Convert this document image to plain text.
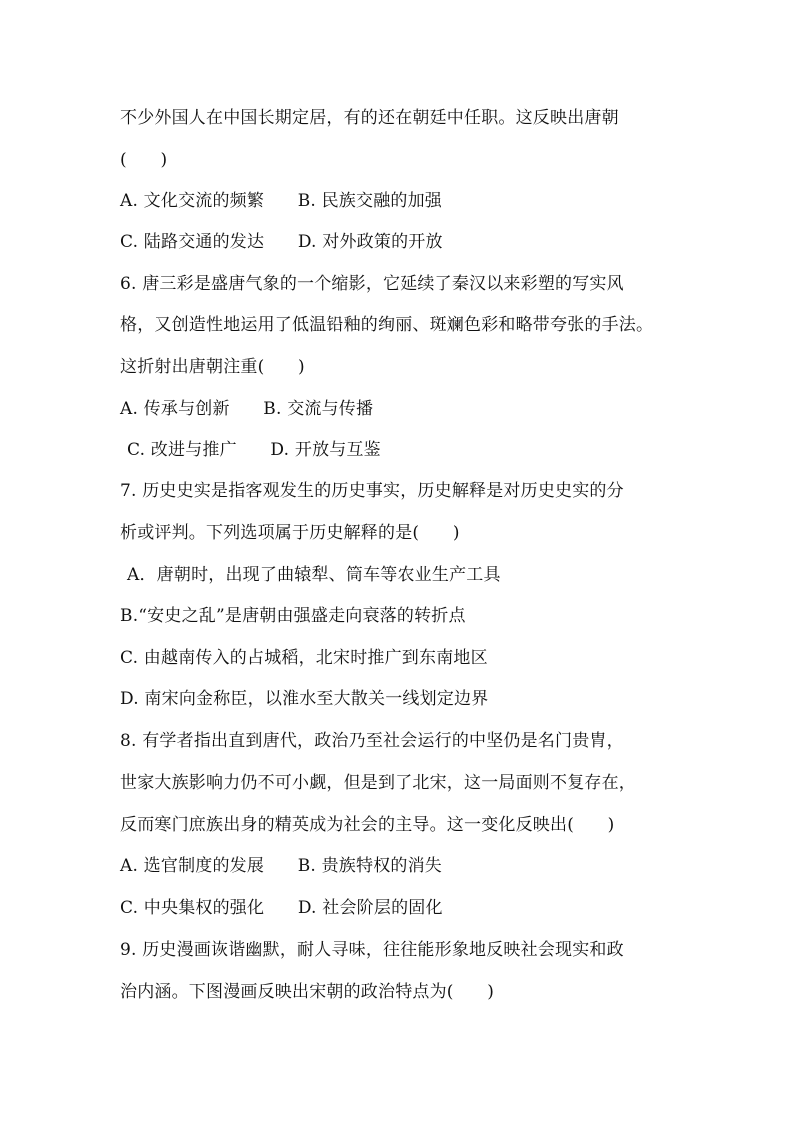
不少外国人在中国长期定居，有的还在朝廷中任职。这反映出唐朝
(      )
A. 文化交流的频繁      B. 民族交融的加强
C. 陆路交通的发达      D. 对外政策的开放
6. 唐三彩是盛唐气象的一个缩影，它延续了秦汉以来彩塑的写实风
格，又创造性地运用了低温铅釉的绚丽、斑斓色彩和略带夸张的手法。
这折射出唐朝注重(      )
A. 传承与创新      B. 交流与传播
C. 改进与推广      D. 开放与互鉴
7. 历史史实是指客观发生的历史事实，历史解释是对历史史实的分
析或评判。下列选项属于历史解释的是(      )
A．唐朝时，出现了曲辕犁、筒车等农业生产工具
B.“安史之乱”是唐朝由强盛走向衰落的转折点
C. 由越南传入的占城稻，北宋时推广到东南地区
D. 南宋向金称臣，以淮水至大散关一线划定边界
8. 有学者指出直到唐代，政治乃至社会运行的中坚仍是名门贵胄，
世家大族影响力仍不可小觑，但是到了北宋，这一局面则不复存在，
反而寒门庶族出身的精英成为社会的主导。这一变化反映出(      )
A. 选官制度的发展      B. 贵族特权的消失
C. 中央集权的强化      D. 社会阶层的固化
9. 历史漫画诙谐幽默，耐人寻味，往往能形象地反映社会现实和政
治内涵。下图漫画反映出宋朝的政治特点为(      )
